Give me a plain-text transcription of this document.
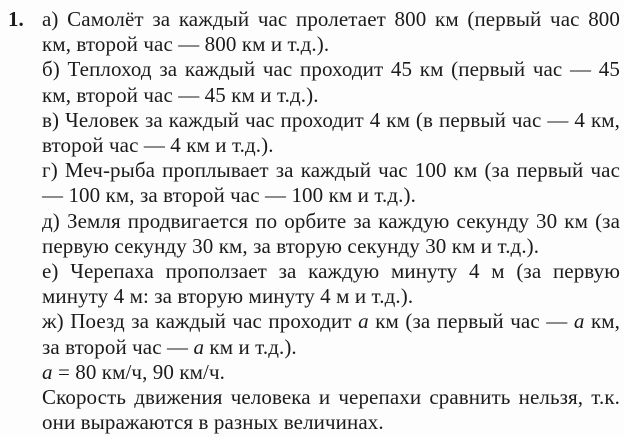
1. а) Самолёт за каждый час пролетает 800 км (первый час 800 км, второй час — 800 км и т.д.).

б) Теплоход за каждый час проходит 45 км (первый час — 45 км, второй час — 45 км и т.д.).

в) Человек за каждый час проходит 4 км (в первый час — 4 км, второй час — 4 км и т.д.).

г) Меч-рыба проплывает за каждый час 100 км (за первый час — 100 км, за второй час — 100 км и т.д.).

д) Земля продвигается по орбите за каждую секунду 30 км (за первую секунду 30 км, за вторую секунду 30 км и т.д.).

е) Черепаха проползает за каждую минуту 4 м (за первую минуту 4 м: за вторую минуту 4 м и т.д.).

ж) Поезд за каждый час проходит а км (за первый час — а км, за второй час — а км и т.д.).

а = 80 км/ч, 90 км/ч.

Скорость движения человека и черепахи сравнить нельзя, т.к. они выражаются в разных величинах.
